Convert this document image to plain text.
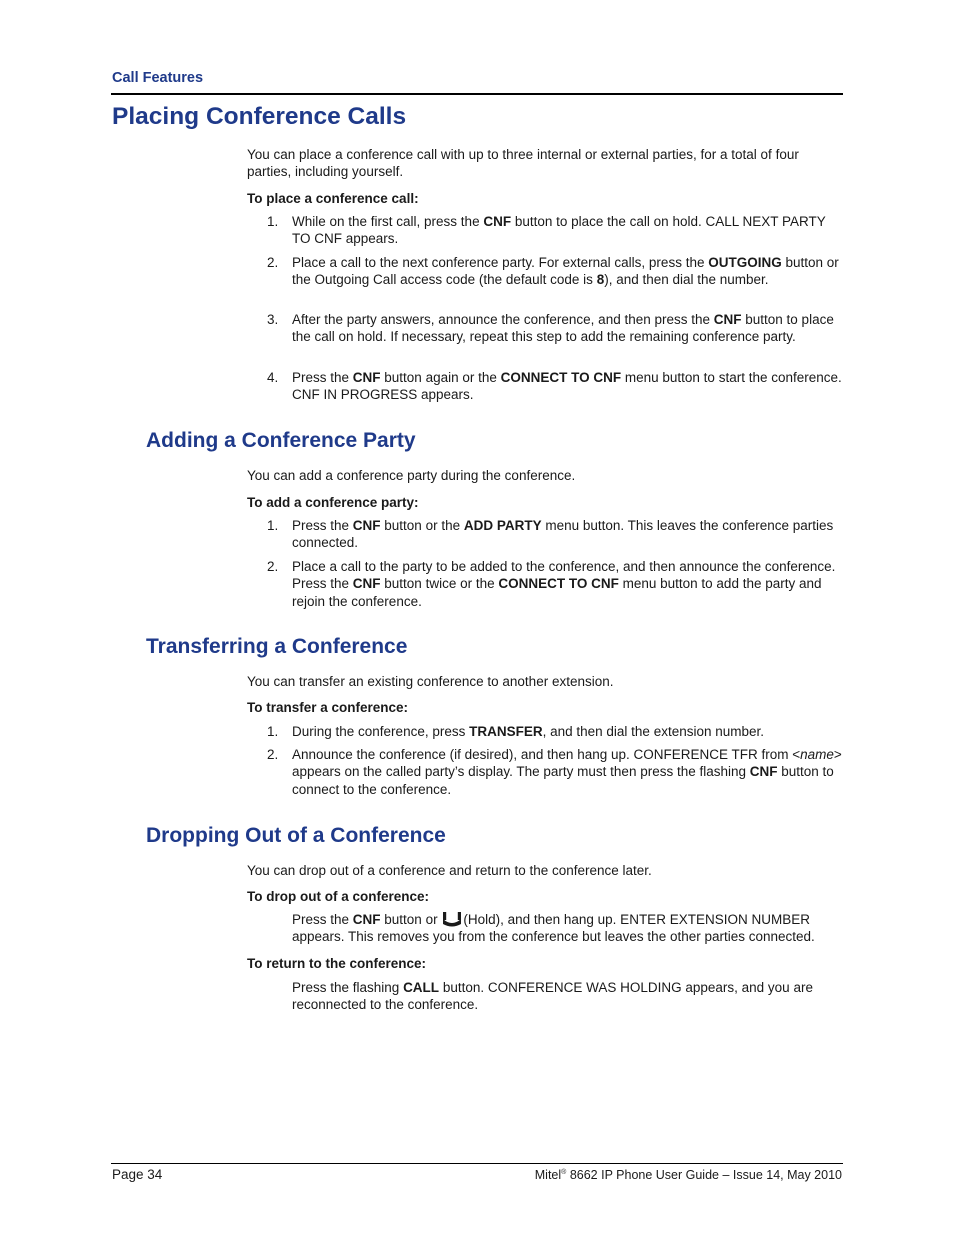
Call Features
Placing Conference Calls

You can place a conference call with up to three internal or external parties, for a total of four parties, including yourself.

To place a conference call:

1.	While on the first call, press the CNF button to place the call on hold. CALL NEXT PARTY TO CNF appears.
2.	Place a call to the next conference party. For external calls, press the OUTGOING button or the Outgoing Call access code (the default code is 8), and then dial the number.
3.	After the party answers, announce the conference, and then press the CNF button to place the call on hold. If necessary, repeat this step to add the remaining conference party.
4.	Press the CNF button again or the CONNECT TO CNF menu button to start the conference. CNF IN PROGRESS appears.
Adding a Conference Party

You can add a conference party during the conference.

To add a conference party:

1.	Press the CNF button or the ADD PARTY menu button. This leaves the conference parties connected.
2.	Place a call to the party to be added to the conference, and then announce the conference. Press the CNF button twice or the CONNECT TO CNF menu button to add the party and rejoin the conference.
Transferring a Conference

You can transfer an existing conference to another extension.

To transfer a conference:

1.	During the conference, press TRANSFER, and then dial the extension number.
2.	Announce the conference (if desired), and then hang up. CONFERENCE TFR from <name> appears on the called party’s display. The party must then press the flashing CNF button to connect to the conference.
Dropping Out of a Conference

You can drop out of a conference and return to the conference later.

To drop out of a conference:

Press the CNF button or (Hold), and then hang up. ENTER EXTENSION NUMBER appears. This removes you from the conference but leaves the other parties connected.

To return to the conference:

Press the flashing CALL button. CONFERENCE WAS HOLDING appears, and you are reconnected to the conference.

Page 34	Mitel® 8662 IP Phone User Guide – Issue 14, May 2010
